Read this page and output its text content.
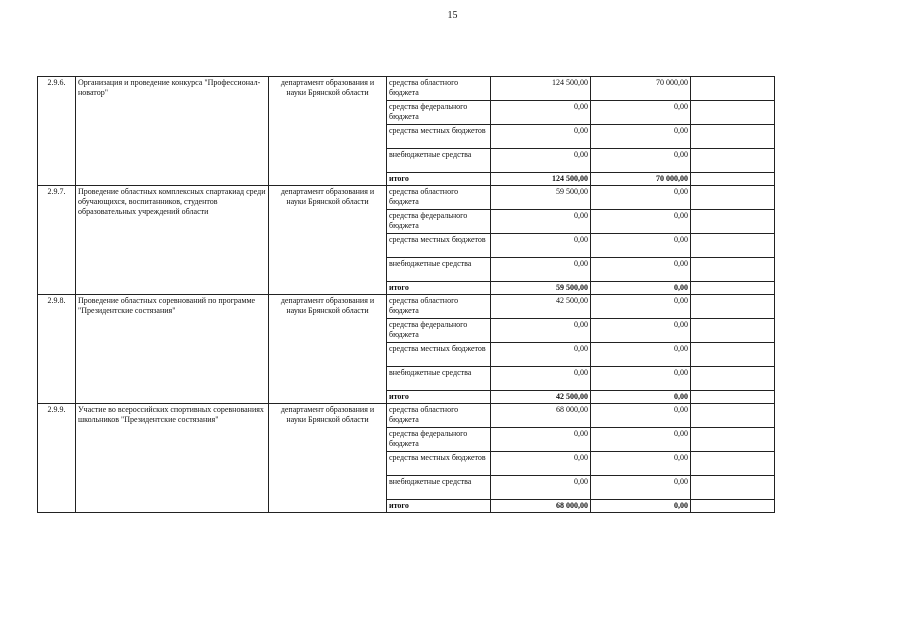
15
2.9.6.	Организация и проведение конкурса "Профессионал-новатор"	департамент образования и науки Брянской области	средства областного бюджета	124 500,00	70 000,00	
			средства федерального бюджета	0,00	0,00	
			средства местных бюджетов	0,00	0,00	
			внебюджетные средства	0,00	0,00	
			итого	124 500,00	70 000,00	
2.9.7.	Проведение областных комплексных спартакиад среди обучающихся, воспитанников, студентов образовательных учреждений области	департамент образования и науки Брянской области	средства областного бюджета	59 500,00	0,00	
			средства федерального бюджета	0,00	0,00	
			средства местных бюджетов	0,00	0,00	
			внебюджетные средства	0,00	0,00	
			итого	59 500,00	0,00	
2.9.8.	Проведение областных соревнований по программе "Президентские состязания"	департамент образования и науки Брянской области	средства областного бюджета	42 500,00	0,00	
			средства федерального бюджета	0,00	0,00	
			средства местных бюджетов	0,00	0,00	
			внебюджетные средства	0,00	0,00	
			итого	42 500,00	0,00	
2.9.9.	Участие во всероссийских спортивных соревнованиях школьников "Президентские состязания"	департамент образования и науки Брянской области	средства областного бюджета	68 000,00	0,00	
			средства федерального бюджета	0,00	0,00	
			средства местных бюджетов	0,00	0,00	
			внебюджетные средства	0,00	0,00	
			итого	68 000,00	0,00	
